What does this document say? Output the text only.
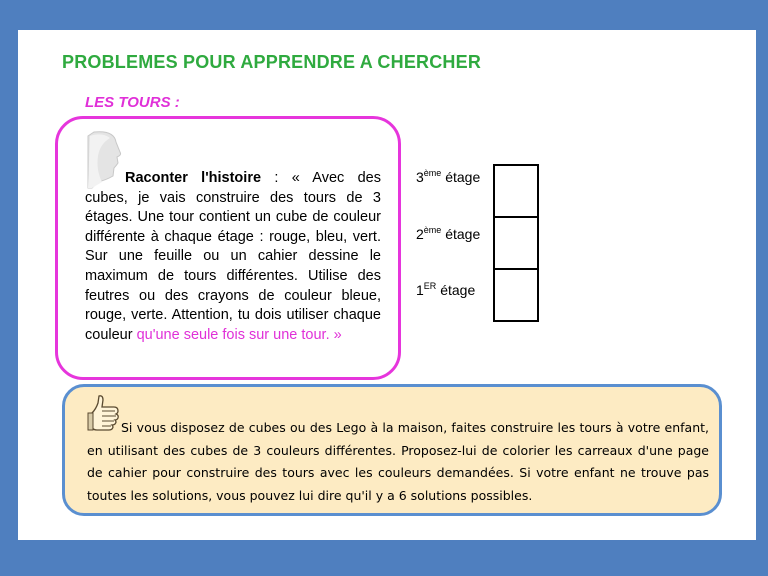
PROBLEMES POUR APPRENDRE A CHERCHER
LES TOURS :
Raconter l'histoire : « Avec des cubes, je vais construire des tours de 3 étages. Une tour contient un cube de couleur différente à chaque étage : rouge, bleu, vert. Sur une feuille ou un cahier dessine le maximum de tours différentes. Utilise des feutres ou des crayons de couleur bleue, rouge, verte. Attention, tu dois utiliser chaque couleur qu'une seule fois sur une tour. »
3ème étage
2ème étage
1ER étage
Si vous disposez de cubes ou des Lego à la maison, faites construire les tours à votre enfant, en utilisant des cubes de 3 couleurs différentes. Proposez-lui de colorier les carreaux d'une page de cahier pour construire des tours avec les couleurs demandées. Si votre enfant ne trouve pas toutes les solutions, vous pouvez lui dire qu'il y a 6 solutions possibles.
